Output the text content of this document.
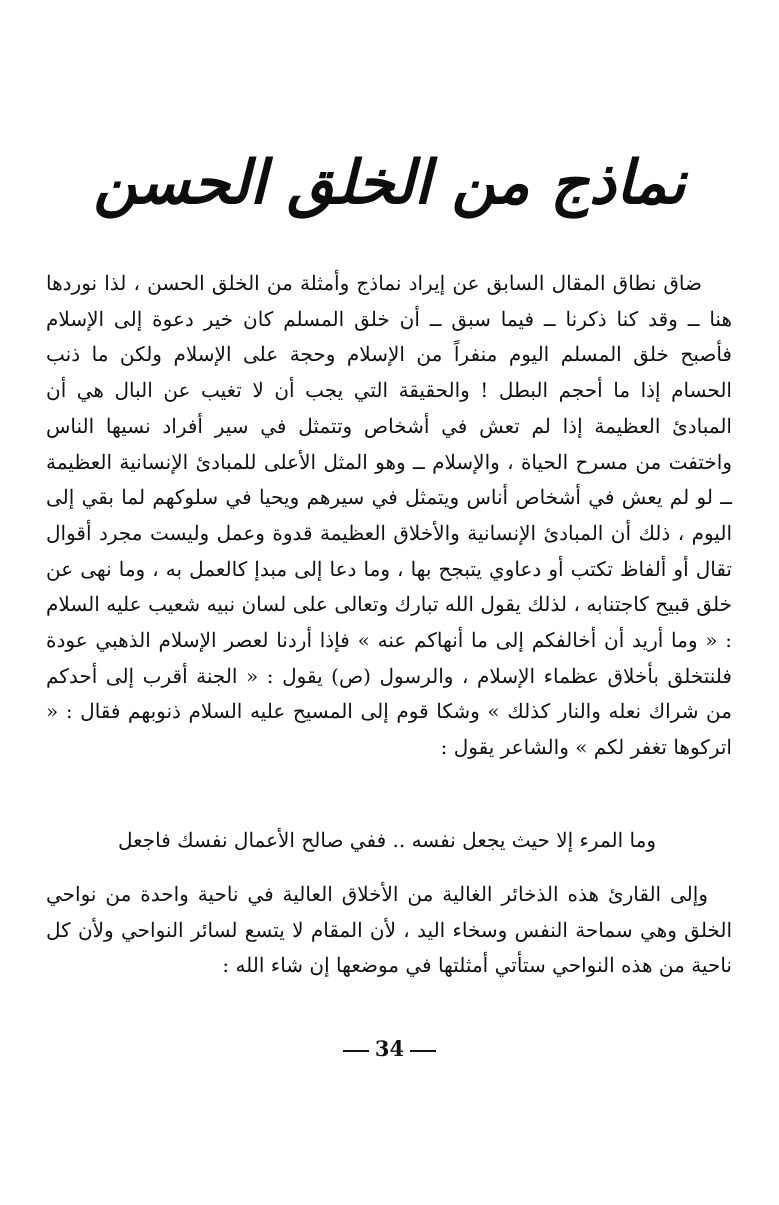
نماذج من الخلق الحسن
ضاق نطاق المقال السابق عن إيراد نماذج وأمثلة من الخلق الحسن ، لذا نوردها هنا ــ وقد كنا ذكرنا ــ فيما سبق ــ أن خلق المسلم كان خير دعوة إلى الإسلام فأصبح خلق المسلم اليوم منفراً من الإسلام وحجة على الإسلام ولكن ما ذنب الحسام إذا ما أحجم البطل ! والحقيقة التي يجب أن لا تغيب عن البال هي أن المبادئ العظيمة إذا لم تعش في أشخاص وتتمثل في سير أفراد نسيها الناس واختفت من مسرح الحياة ، والإسلام ــ وهو المثل الأعلى للمبادئ الإنسانية العظيمة ــ لو لم يعش في أشخاص أناس ويتمثل في سيرهم ويحيا في سلوكهم لما بقي إلى اليوم ، ذلك أن المبادئ الإنسانية والأخلاق العظيمة قدوة وعمل وليست مجرد أقوال تقال أو ألفاظ تكتب أو دعاوي يتبجح بها ، وما دعا إلى مبدإ كالعمل به ، وما نهى عن خلق قبيح كاجتنابه ، لذلك يقول الله تبارك وتعالى على لسان نبيه شعيب عليه السلام : « وما أريد أن أخالفكم إلى ما أنهاكم عنه » فإذا أردنا لعصر الإسلام الذهبي عودة فلنتخلق بأخلاق عظماء الإسلام ، والرسول (ص) يقول : « الجنة أقرب إلى أحدكم من شراك نعله والنار كذلك » وشكا قوم إلى المسيح عليه السلام ذنوبهم فقال : « اتركوها تغفر لكم » والشاعر يقول :
وما المرء إلا حيث يجعل نفسه .. ففي صالح الأعمال نفسك فاجعل
وإلى القارئ هذه الذخائر الغالية من الأخلاق العالية في ناحية واحدة من نواحي الخلق وهي سماحة النفس وسخاء اليد ، لأن المقام لا يتسع لسائر النواحي ولأن كل ناحية من هذه النواحي ستأتي أمثلتها في موضعها إن شاء الله :
34
